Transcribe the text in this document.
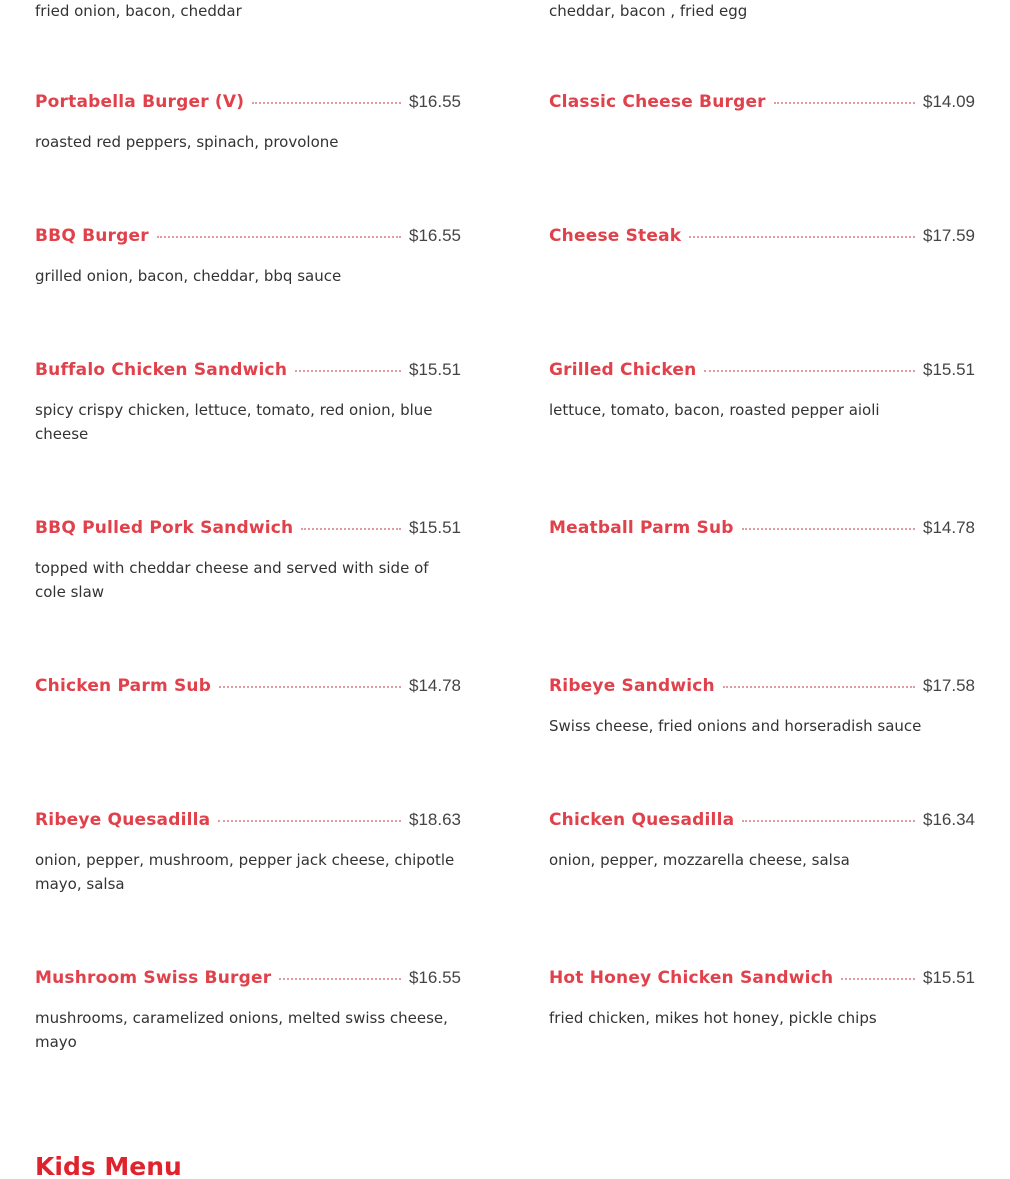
fried onion, bacon, cheddar
Portabella Burger (V)	$16.55
roasted red peppers, spinach, provolone
BBQ Burger	$16.55
grilled onion, bacon, cheddar, bbq sauce
Buffalo Chicken Sandwich	$15.51
spicy crispy chicken, lettuce, tomato, red onion, blue cheese
BBQ Pulled Pork Sandwich	$15.51
topped with cheddar cheese and served with side of cole slaw
Chicken Parm Sub	$14.78
Ribeye Quesadilla	$18.63
onion, pepper, mushroom, pepper jack cheese, chipotle mayo, salsa
Mushroom Swiss Burger	$16.55
mushrooms, caramelized onions, melted swiss cheese, mayo
cheddar, bacon , fried egg
Classic Cheese Burger	$14.09
Cheese Steak	$17.59
Grilled Chicken	$15.51
lettuce, tomato, bacon, roasted pepper aioli
Meatball Parm Sub	$14.78
Ribeye Sandwich	$17.58
Swiss cheese, fried onions and horseradish sauce
Chicken Quesadilla	$16.34
onion, pepper, mozzarella cheese, salsa
Hot Honey Chicken Sandwich	$15.51
fried chicken, mikes hot honey, pickle chips
Kids Menu
